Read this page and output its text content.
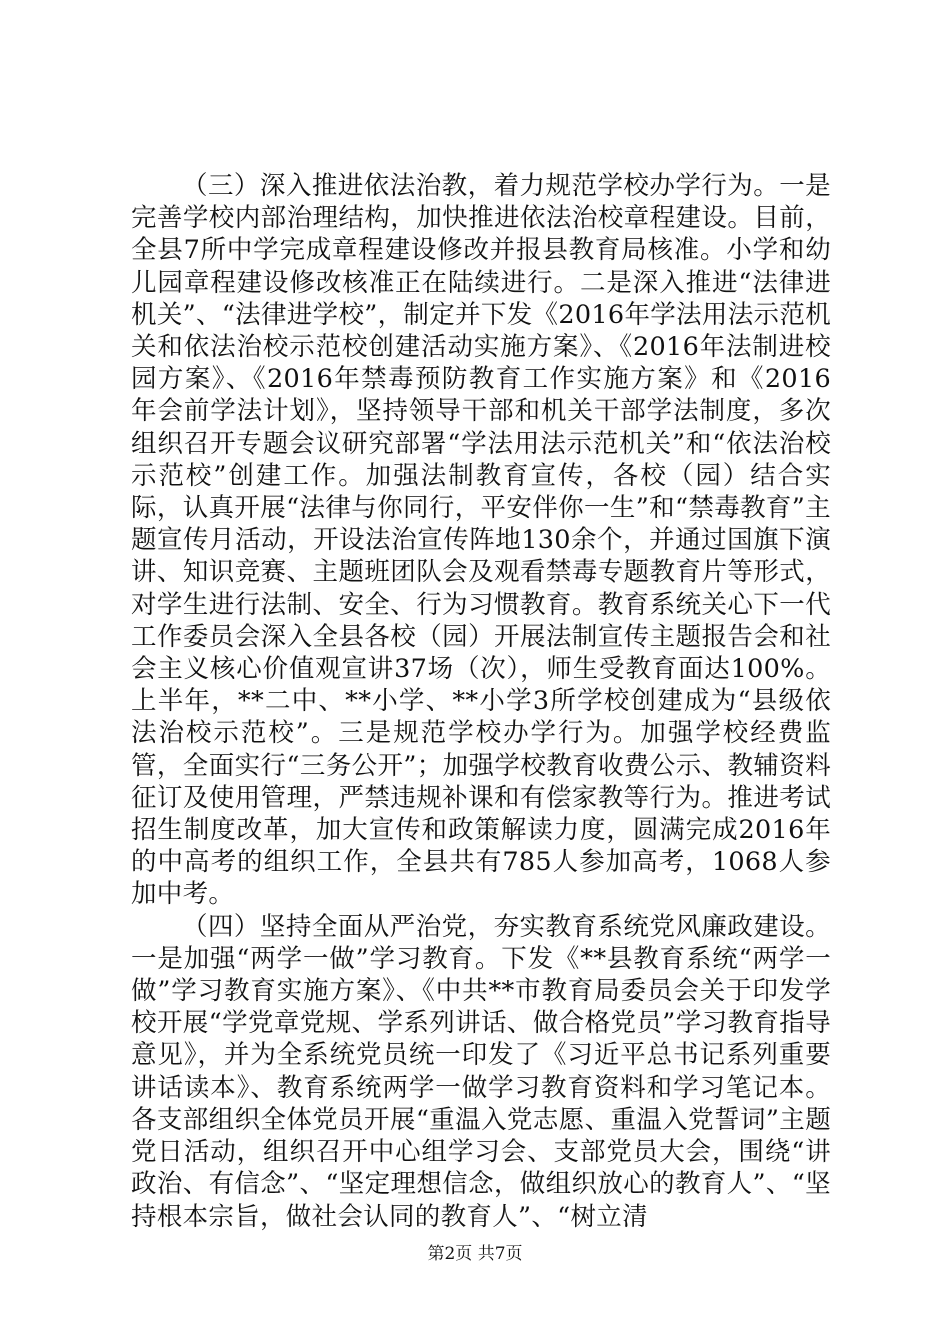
（三）深入推进依法治教，着力规范学校办学行为。一是完善学校内部治理结构，加快推进依法治校章程建设。目前，全县7所中学完成章程建设修改并报县教育局核准。小学和幼儿园章程建设修改核准正在陆续进行。二是深入推进“法律进机关”、“法律进学校”，制定并下发《2016年学法用法示范机关和依法治校示范校创建活动实施方案》、《2016年法制进校园方案》、《2016年禁毒预防教育工作实施方案》和《2016年会前学法计划》，坚持领导干部和机关干部学法制度，多次组织召开专题会议研究部署“学法用法示范机关”和“依法治校示范校”创建工作。加强法制教育宣传，各校（园）结合实际，认真开展“法律与你同行，平安伴你一生”和“禁毒教育”主题宣传月活动，开设法治宣传阵地130余个，并通过国旗下演讲、知识竞赛、主题班团队会及观看禁毒专题教育片等形式，对学生进行法制、安全、行为习惯教育。教育系统关心下一代工作委员会深入全县各校（园）开展法制宣传主题报告会和社会主义核心价值观宣讲37场（次），师生受教育面达100%。上半年，**二中、**小学、**小学3所学校创建成为“县级依法治校示范校”。三是规范学校办学行为。加强学校经费监管，全面实行“三务公开”；加强学校教育收费公示、教辅资料征订及使用管理，严禁违规补课和有偿家教等行为。推进考试招生制度改革，加大宣传和政策解读力度，圆满完成2016年的中高考的组织工作，全县共有785人参加高考，1068人参加中考。

（四）坚持全面从严治党，夯实教育系统党风廉政建设。一是加强“两学一做”学习教育。下发《**县教育系统“两学一做”学习教育实施方案》、《中共**市教育局委员会关于印发学校开展“学党章党规、学系列讲话、做合格党员”学习教育指导意见》，并为全系统党员统一印发了《习近平总书记系列重要讲话读本》、教育系统两学一做学习教育资料和学习笔记本。各支部组织全体党员开展“重温入党志愿、重温入党誓词”主题党日活动，组织召开中心组学习会、支部党员大会，围绕“讲政治、有信念”、“坚定理想信念，做组织放心的教育人”、“坚持根本宗旨，做社会认同的教育人”、“树立清

第2页 共7页
